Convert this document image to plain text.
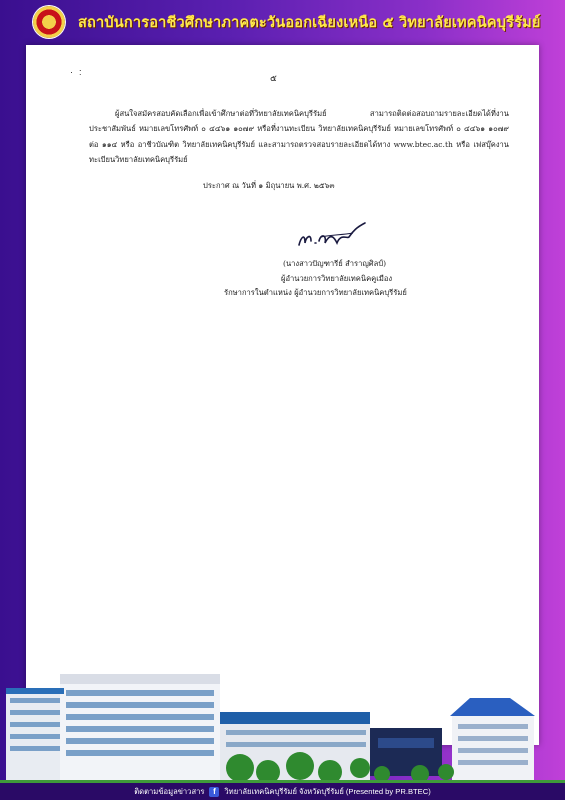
สถาบันการอาชีวศึกษาภาคตะวันออกเฉียงเหนือ ๕ วิทยาลัยเทคนิคบุรีรัมย์
·:
๕

ผู้สนใจสมัครสอบคัดเลือกเพื่อเข้าศึกษาต่อที่วิทยาลัยเทคนิคบุรีรัมย์ สามารถติดต่อสอบถามรายละเอียดได้ที่งานประชาสัมพันธ์ หมายเลขโทรศัพท์ ๐ ๔๔๖๑ ๑๐๗๙ หรือที่งานทะเบียน วิทยาลัยเทคนิคบุรีรัมย์ หมายเลขโทรศัพท์ ๐ ๔๔๖๑ ๑๐๗๙ ต่อ ๑๑๔ หรือ อาชีวบัณฑิต วิทยาลัยเทคนิคบุรีรัมย์ และสามารถตรวจสอบรายละเอียดได้ทาง www.btec.ac.th หรือ เฟสบุ๊คงานทะเบียนวิทยาลัยเทคนิคบุรีรัมย์

ประกาศ ณ วันที่ ๑ มิถุนายน พ.ศ. ๒๕๖๓
(นางสาวปัญฑารีย์ สำราญศิลป์)
ผู้อำนวยการวิทยาลัยเทคนิคคูเมือง
รักษาการในตำแหน่ง ผู้อำนวยการวิทยาลัยเทคนิคบุรีรัมย์
ติดตามข้อมูลข่าวสาร	f	วิทยาลัยเทคนิคบุรีรัมย์ จังหวัดบุรีรัมย์ (Presented by PR.BTEC)
